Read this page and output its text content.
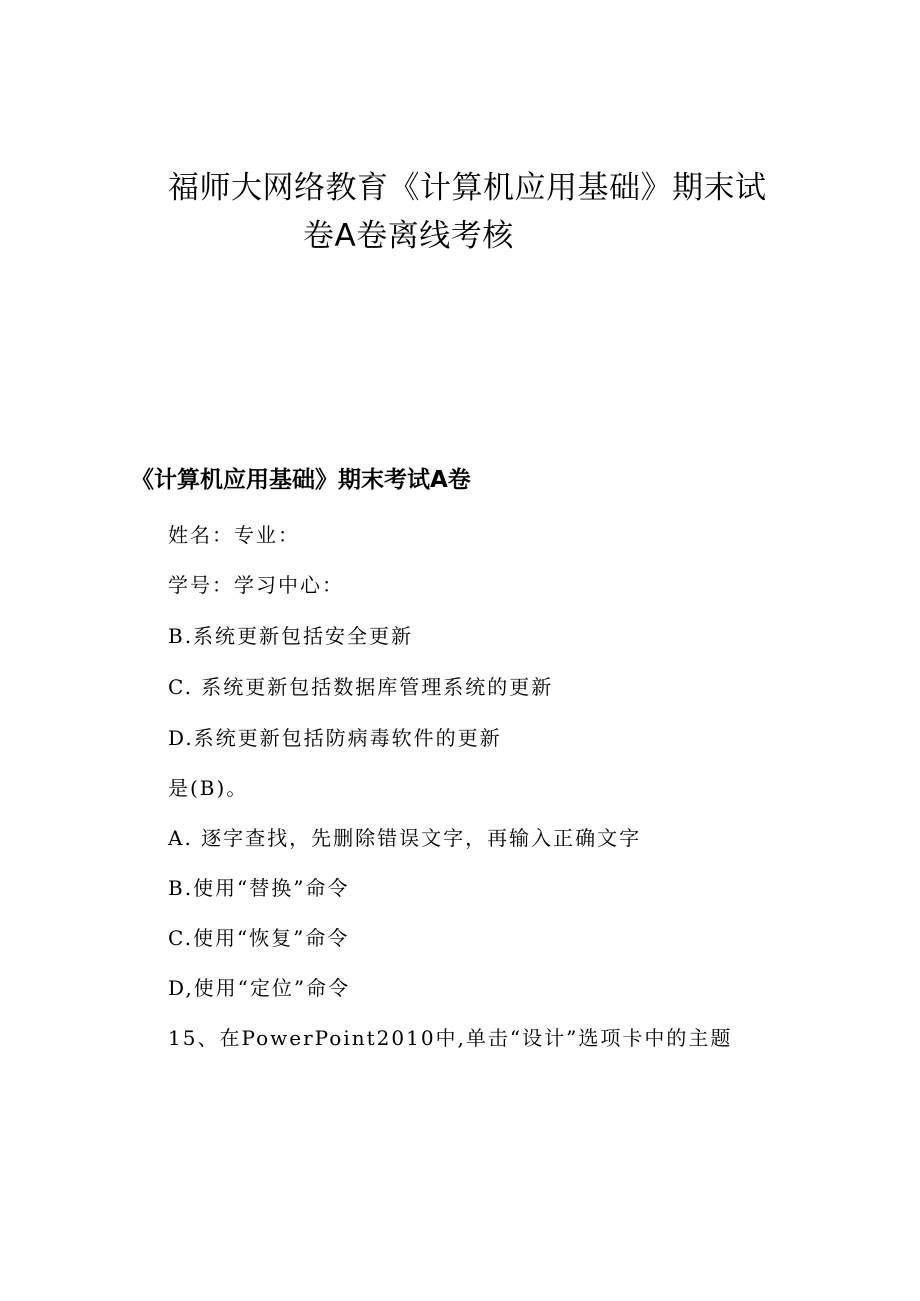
福师大网络教育《计算机应用基础》期末试
卷A卷离线考核
《计算机应用基础》期末考试A卷
姓名：专业：
学号：学习中心：
B.系统更新包括安全更新
C. 系统更新包括数据库管理系统的更新
D.系统更新包括防病毒软件的更新
是(B)。
A. 逐字查找，先删除错误文字，再输入正确文字
B.使用“替换”命令
C.使用“恢复”命令
D,使用“定位”命令
15、在PowerPoint2010中,单击“设计”选项卡中的主题
